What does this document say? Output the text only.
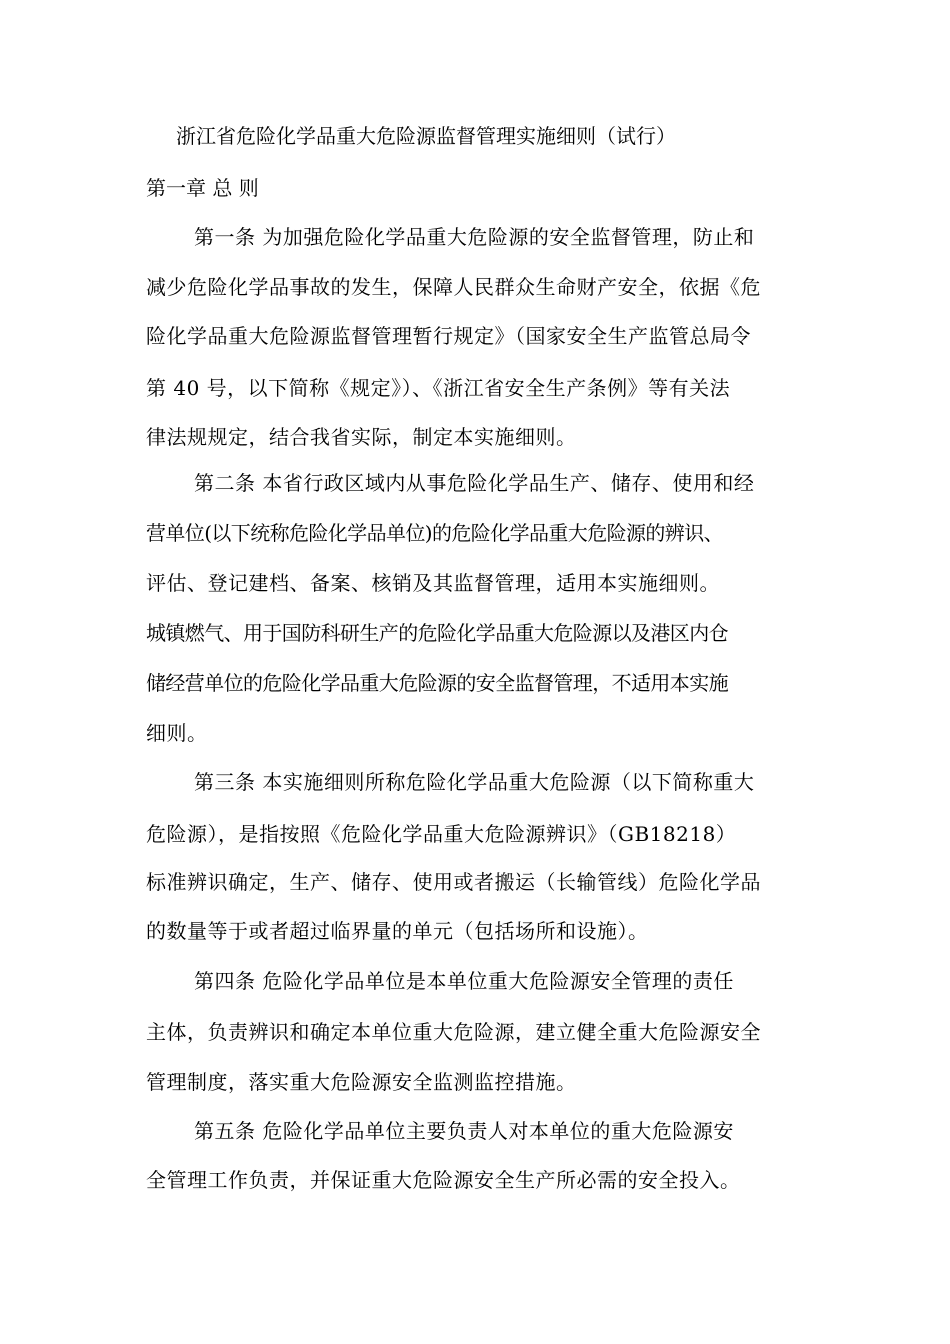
浙江省危险化学品重大危险源监督管理实施细则（试行）
第一章 总 则
第一条 为加强危险化学品重大危险源的安全监督管理，防止和
减少危险化学品事故的发生，保障人民群众生命财产安全，依据《危
险化学品重大危险源监督管理暂行规定》（国家安全生产监管总局令
第 40 号，以下简称《规定》）、《浙江省安全生产条例》等有关法
律法规规定，结合我省实际，制定本实施细则。
第二条 本省行政区域内从事危险化学品生产、储存、使用和经
营单位(以下统称危险化学品单位)的危险化学品重大危险源的辨识、
评估、登记建档、备案、核销及其监督管理，适用本实施细则。
城镇燃气、用于国防科研生产的危险化学品重大危险源以及港区内仓
储经营单位的危险化学品重大危险源的安全监督管理，不适用本实施
细则。
第三条 本实施细则所称危险化学品重大危险源（以下简称重大
危险源），是指按照《危险化学品重大危险源辨识》（GB18218）
标准辨识确定，生产、储存、使用或者搬运（长输管线）危险化学品
的数量等于或者超过临界量的单元（包括场所和设施）。
第四条 危险化学品单位是本单位重大危险源安全管理的责任
主体，负责辨识和确定本单位重大危险源，建立健全重大危险源安全
管理制度，落实重大危险源安全监测监控措施。
第五条 危险化学品单位主要负责人对本单位的重大危险源安
全管理工作负责，并保证重大危险源安全生产所必需的安全投入。
